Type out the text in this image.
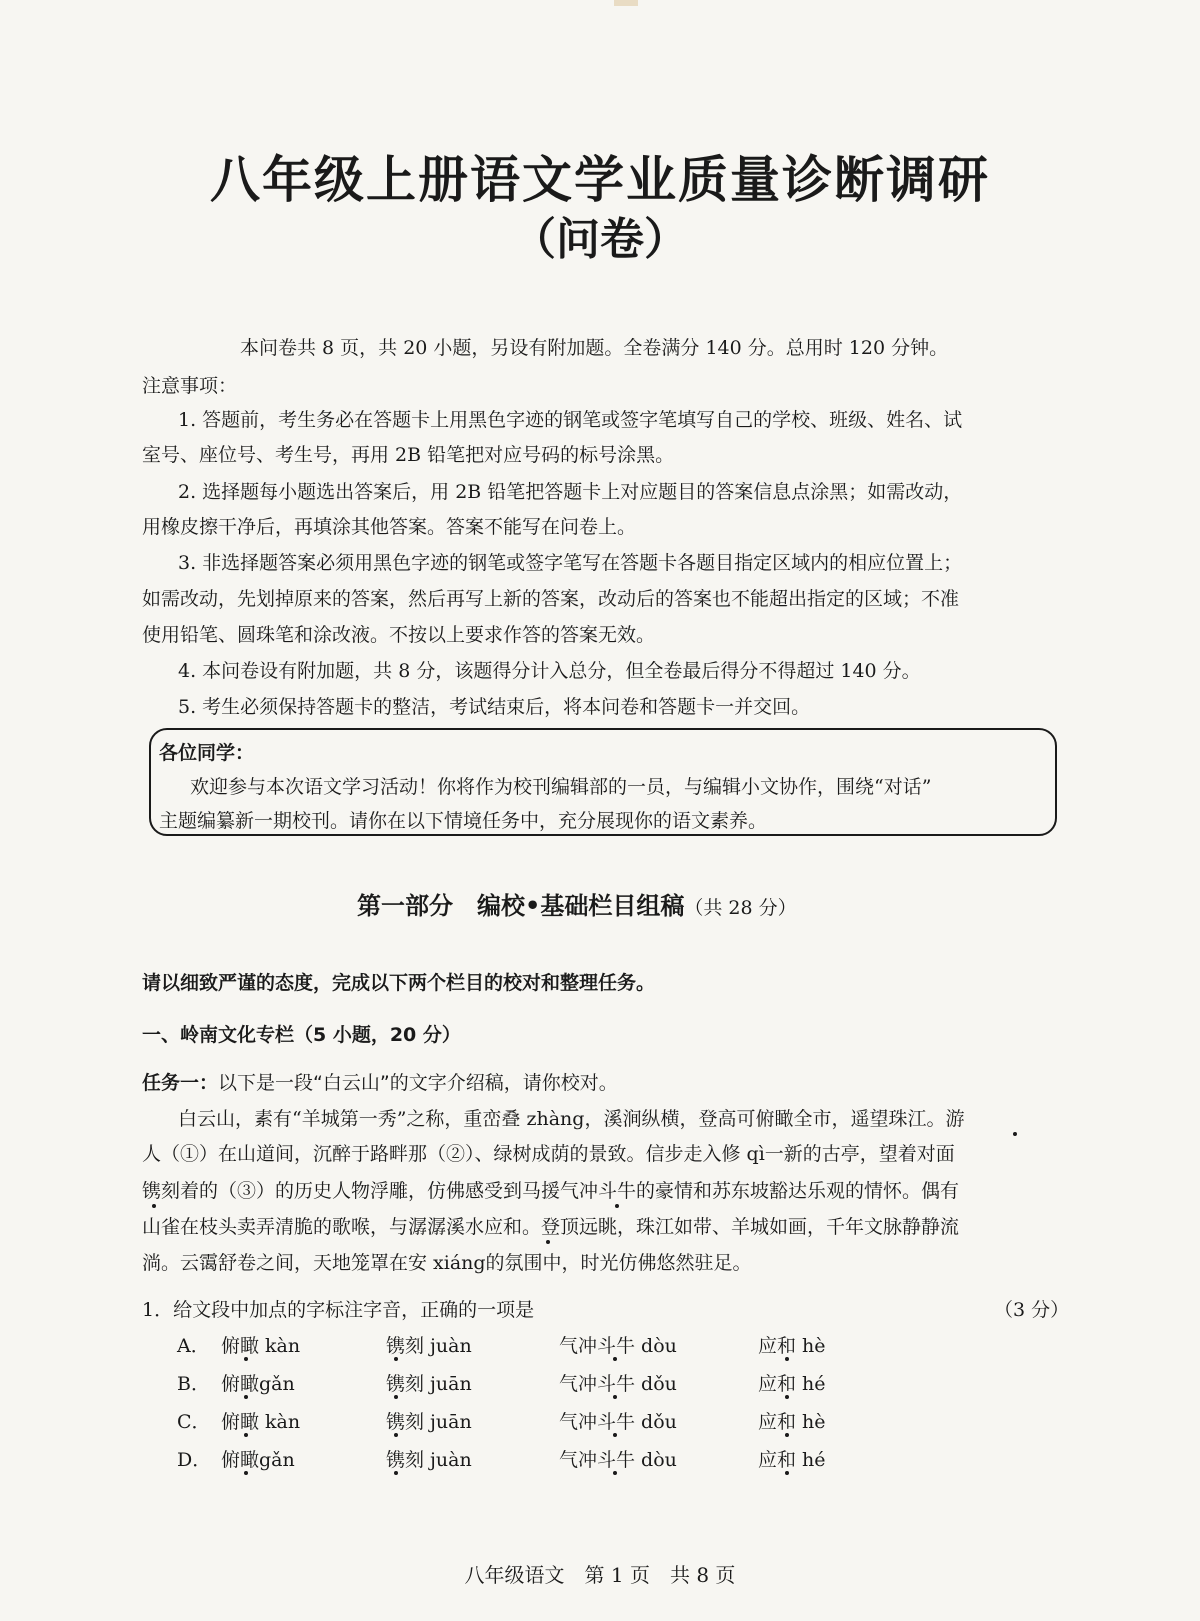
八年级上册语文学业质量诊断调研
（问卷）
本问卷共 8 页，共 20 小题，另设有附加题。全卷满分 140 分。总用时 120 分钟。
注意事项：
1. 答题前，考生务必在答题卡上用黑色字迹的钢笔或签字笔填写自己的学校、班级、姓名、试
室号、座位号、考生号，再用 2B 铅笔把对应号码的标号涂黑。
2. 选择题每小题选出答案后，用 2B 铅笔把答题卡上对应题目的答案信息点涂黑；如需改动，
用橡皮擦干净后，再填涂其他答案。答案不能写在问卷上。
3. 非选择题答案必须用黑色字迹的钢笔或签字笔写在答题卡各题目指定区域内的相应位置上；
如需改动，先划掉原来的答案，然后再写上新的答案，改动后的答案也不能超出指定的区域；不准
使用铅笔、圆珠笔和涂改液。不按以上要求作答的答案无效。
4. 本问卷设有附加题，共 8 分，该题得分计入总分，但全卷最后得分不得超过 140 分。
5. 考生必须保持答题卡的整洁，考试结束后，将本问卷和答题卡一并交回。
各位同学：
欢迎参与本次语文学习活动！你将作为校刊编辑部的一员，与编辑小文协作，围绕“对话”
主题编纂新一期校刊。请你在以下情境任务中，充分展现你的语文素养。
第一部分　编校•基础栏目组稿（共 28 分）
请以细致严谨的态度，完成以下两个栏目的校对和整理任务。
一、岭南文化专栏（5 小题，20 分）
任务一：以下是一段“白云山”的文字介绍稿，请你校对。
白云山，素有“羊城第一秀”之称，重峦叠 zhàng，溪涧纵横，登高可俯瞰全市，遥望珠江。游
人（①）在山道间，沉醉于路畔那（②）、绿树成荫的景致。信步走入修 qì一新的古亭，望着对面
镌刻着的（③）的历史人物浮雕，仿佛感受到马援气冲斗牛的豪情和苏东坡豁达乐观的情怀。偶有
山雀在枝头卖弄清脆的歌喉，与潺潺溪水应和。登顶远眺，珠江如带、羊城如画，千年文脉静静流
淌。云霭舒卷之间，天地笼罩在安 xiáng的氛围中，时光仿佛悠然驻足。
1．给文段中加点的字标注字音，正确的一项是	（3 分）
A． 俯瞰 kàn	镌刻 juàn	气冲斗牛 dòu	应和 hè
B． 俯瞰gǎn	镌刻 juān	气冲斗牛 dǒu	应和 hé
C． 俯瞰 kàn	镌刻 juān	气冲斗牛 dǒu	应和 hè
D． 俯瞰gǎn	镌刻 juàn	气冲斗牛 dòu	应和 hé
八年级语文　第 1 页　共 8 页
